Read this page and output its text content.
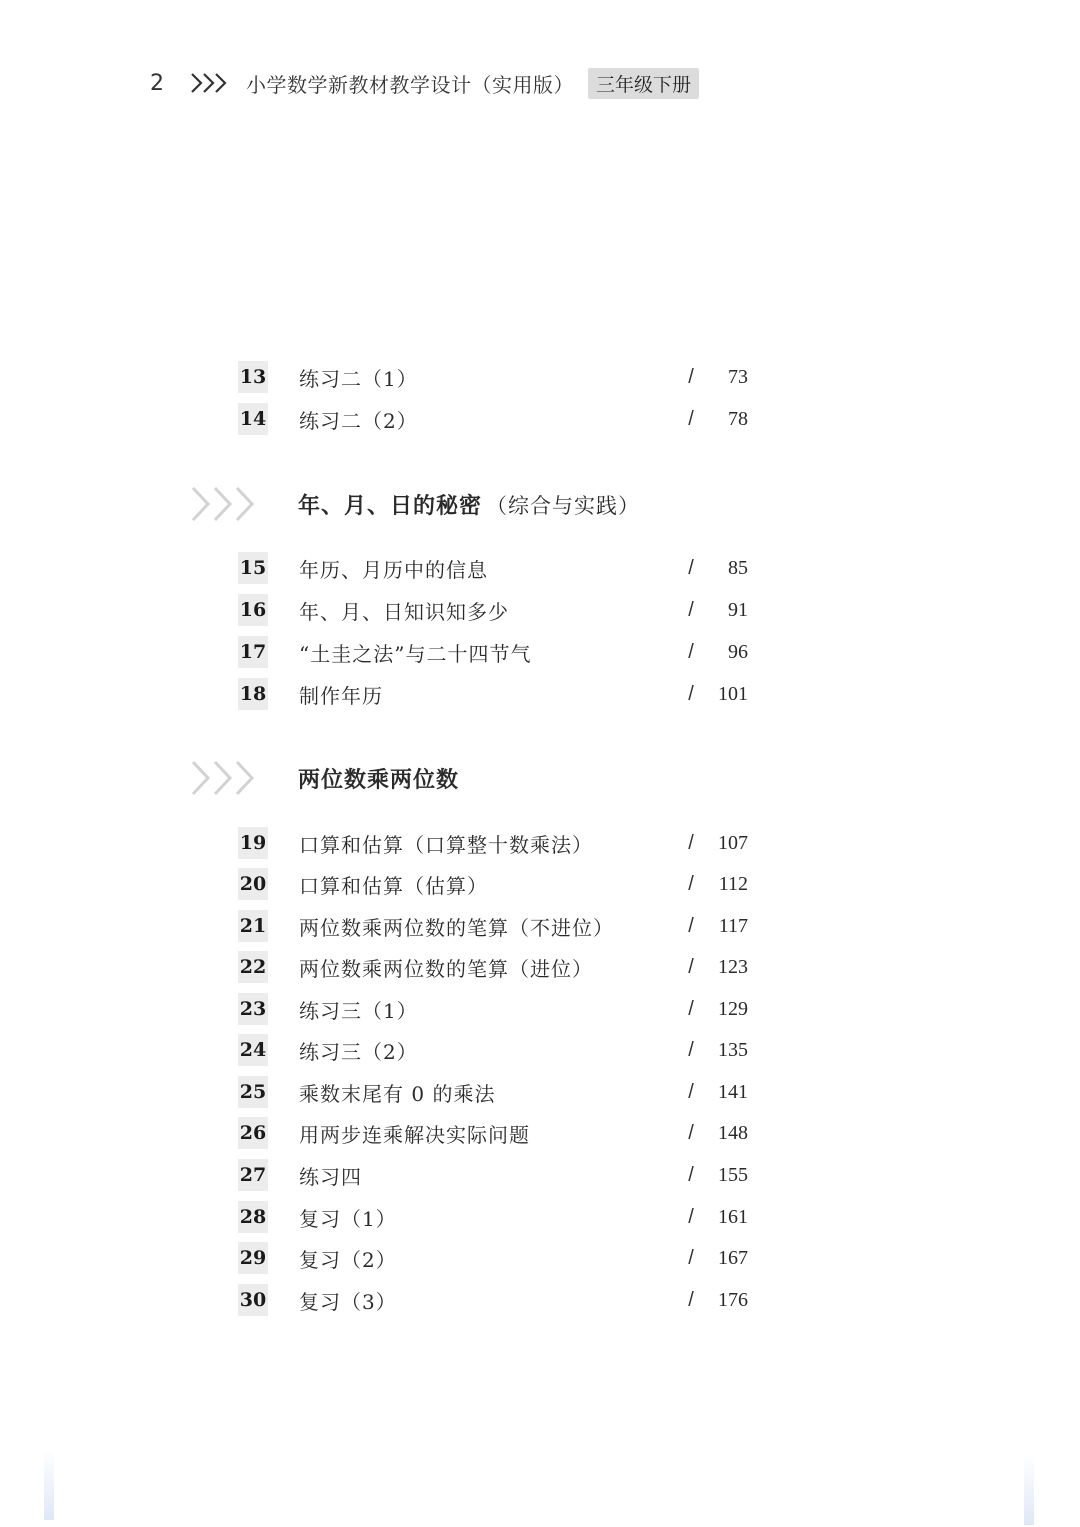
2	小学数学新教材教学设计（实用版）	三年级下册
13 练习二（1）	/	73
14 练习二（2）	/	78
年、月、日的秘密 （综合与实践）
15 年历、月历中的信息	/	85
16 年、月、日知识知多少	/	91
17 “土圭之法”与二十四节气	/	96
18 制作年历	/	101
两位数乘两位数
19 口算和估算（口算整十数乘法）	/	107
20 口算和估算（估算）	/	112
21 两位数乘两位数的笔算（不进位）	/	117
22 两位数乘两位数的笔算（进位）	/	123
23 练习三（1）	/	129
24 练习三（2）	/	135
25 乘数末尾有 0 的乘法	/	141
26 用两步连乘解决实际问题	/	148
27 练习四	/	155
28 复习（1）	/	161
29 复习（2）	/	167
30 复习（3）	/	176
